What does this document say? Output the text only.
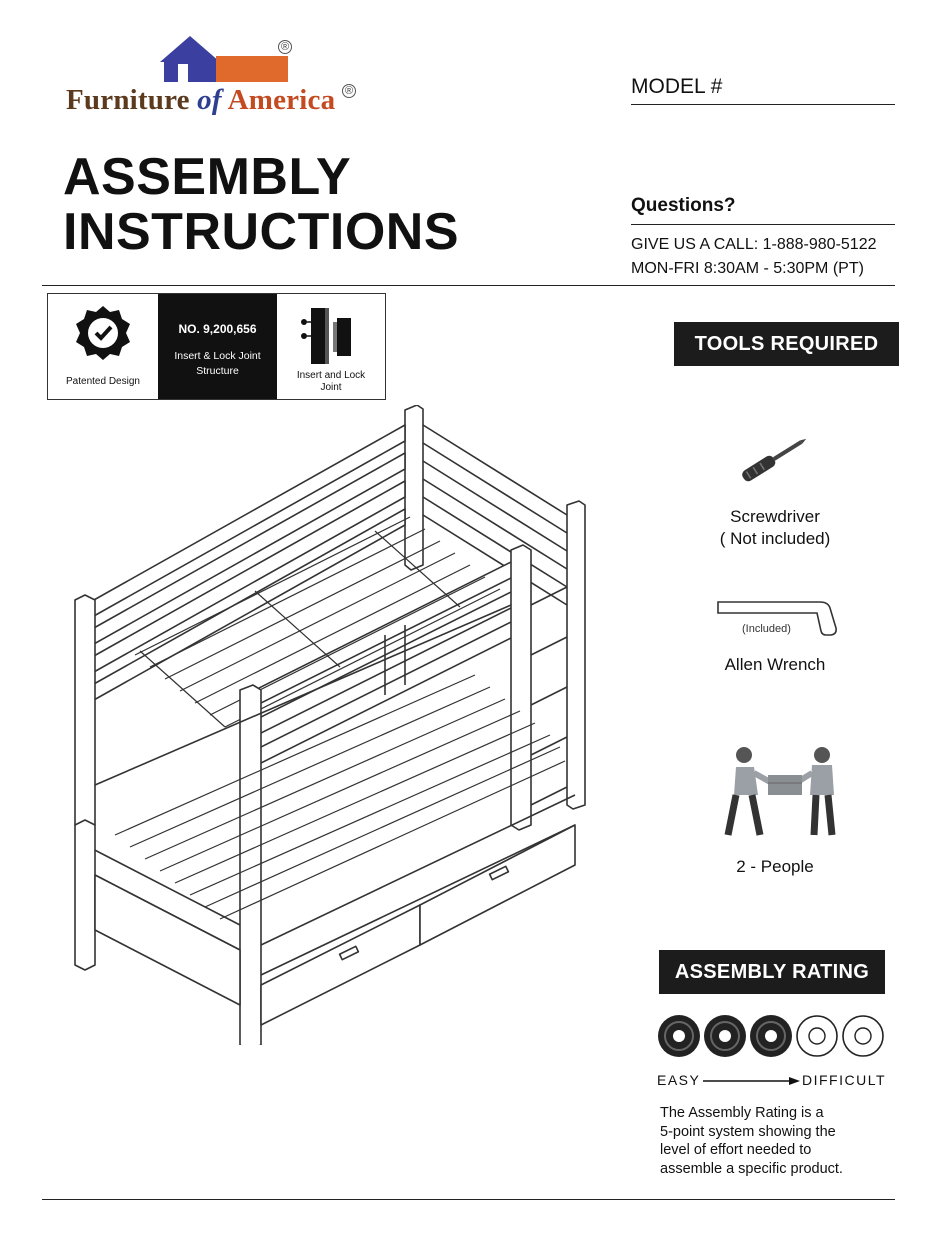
®
Furniture of America ®
ASSEMBLY
INSTRUCTIONS
MODEL #
Questions?
GIVE US A CALL: 1-888-980-5122
MON-FRI 8:30AM - 5:30PM (PT)
Patented Design
NO. 9,200,656
Insert & Lock Joint
Structure	Insert and Lock
Joint
TOOLS REQUIRED
Screwdriver
( Not included)
(Included)
Allen Wrench
2 - People
ASSEMBLY RATING
EASY	DIFFICULT
The Assembly Rating is a
5-point system showing the
level of effort needed to
assemble a specific product.
